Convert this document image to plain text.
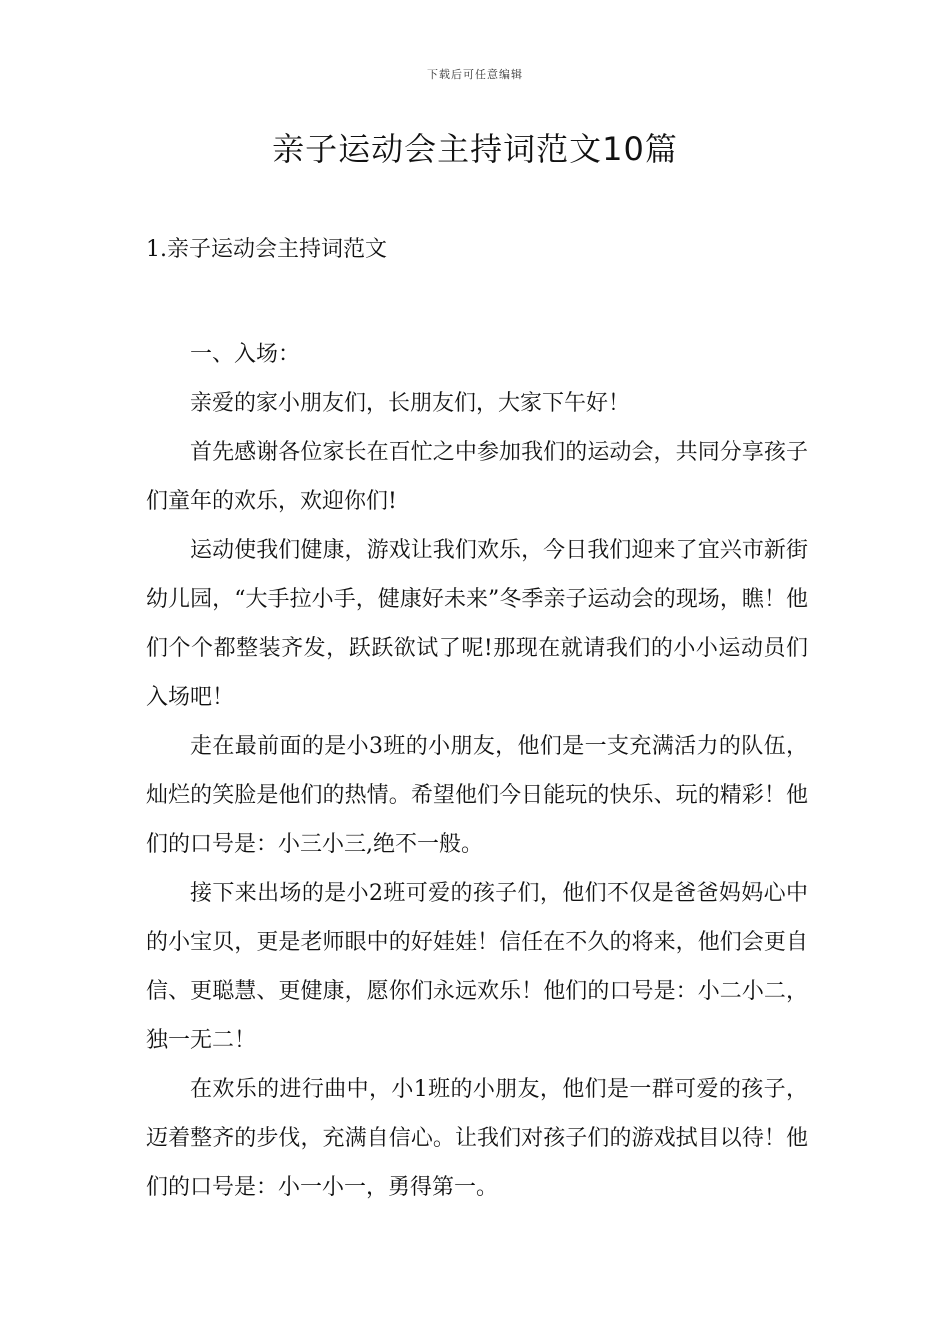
下载后可任意编辑
亲子运动会主持词范文10篇
1.亲子运动会主持词范文

一、入场：

亲爱的家小朋友们，长朋友们，大家下午好！

首先感谢各位家长在百忙之中参加我们的运动会，共同分享孩子们童年的欢乐，欢迎你们!

运动使我们健康，游戏让我们欢乐，今日我们迎来了宜兴市新街幼儿园，“大手拉小手，健康好未来”冬季亲子运动会的现场，瞧！他们个个都整装齐发，跃跃欲试了呢!那现在就请我们的小小运动员们入场吧！

走在最前面的是小3班的小朋友，他们是一支充满活力的队伍，灿烂的笑脸是他们的热情。希望他们今日能玩的快乐、玩的精彩！他们的口号是：小三小三,绝不一般。

接下来出场的是小2班可爱的孩子们，他们不仅是爸爸妈妈心中的小宝贝，更是老师眼中的好娃娃！信任在不久的将来，他们会更自信、更聪慧、更健康，愿你们永远欢乐！他们的口号是：小二小二，独一无二！

在欢乐的进行曲中，小1班的小朋友，他们是一群可爱的孩子，迈着整齐的步伐，充满自信心。让我们对孩子们的游戏拭目以待！他们的口号是：小一小一，勇得第一。
